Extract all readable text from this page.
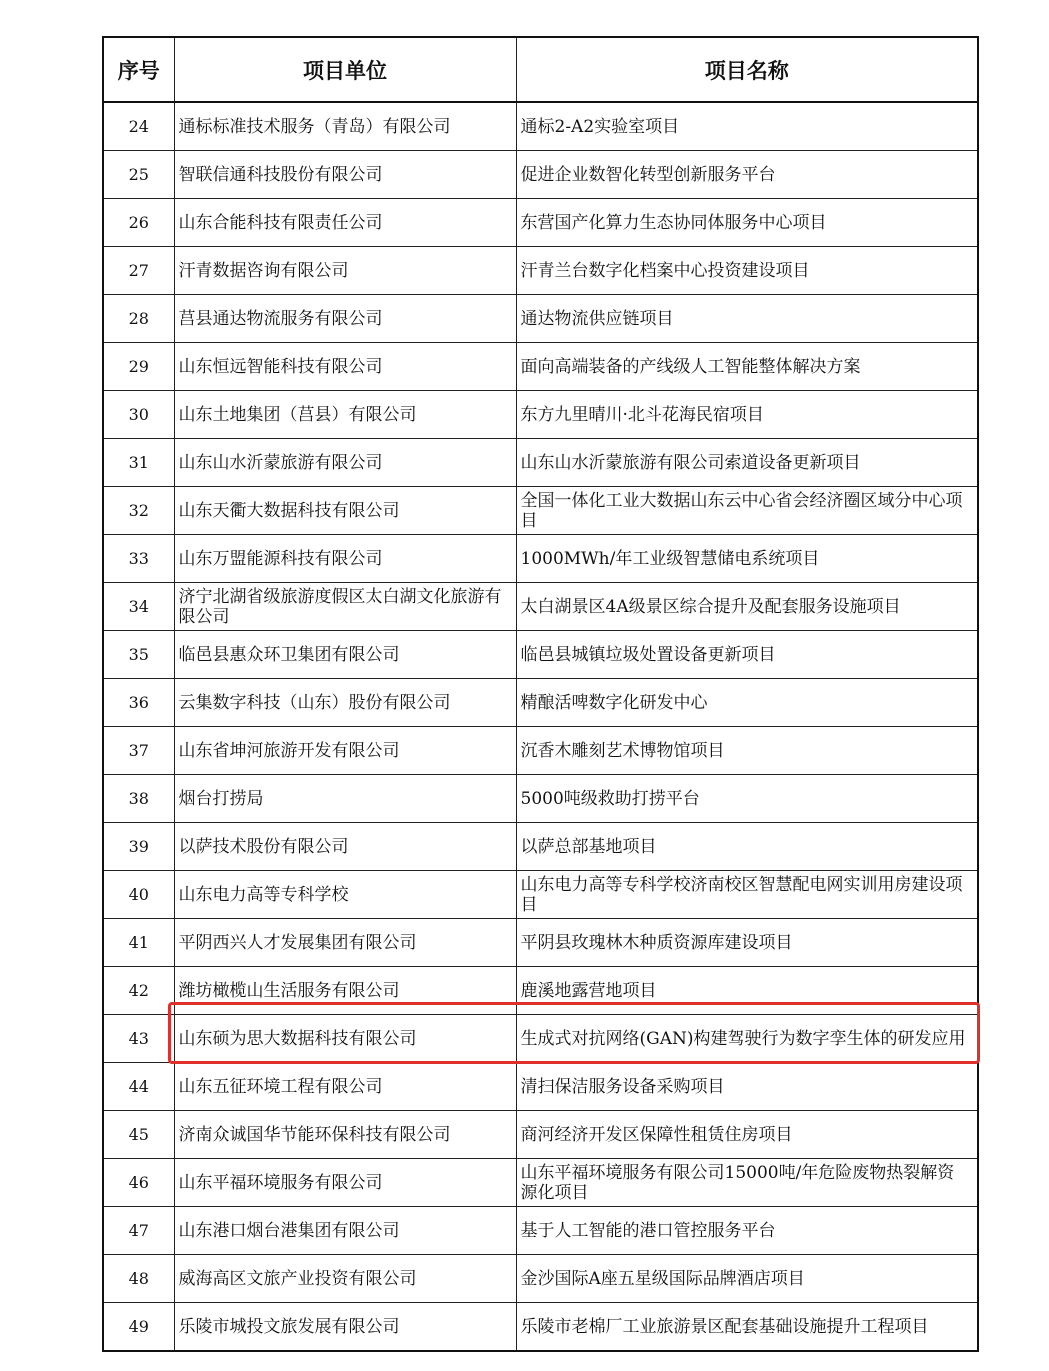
序号	项目单位	项目名称
24	通标标准技术服务（青岛）有限公司	通标2-A2实验室项目
25	智联信通科技股份有限公司	促进企业数智化转型创新服务平台
26	山东合能科技有限责任公司	东营国产化算力生态协同体服务中心项目
27	汗青数据咨询有限公司	汗青兰台数字化档案中心投资建设项目
28	莒县通达物流服务有限公司	通达物流供应链项目
29	山东恒远智能科技有限公司	面向高端装备的产线级人工智能整体解决方案
30	山东土地集团（莒县）有限公司	东方九里晴川·北斗花海民宿项目
31	山东山水沂蒙旅游有限公司	山东山水沂蒙旅游有限公司索道设备更新项目
32	山东天衢大数据科技有限公司	全国一体化工业大数据山东云中心省会经济圈区域分中心项目
33	山东万盟能源科技有限公司	1000MWh/年工业级智慧储电系统项目
34	济宁北湖省级旅游度假区太白湖文化旅游有限公司	太白湖景区4A级景区综合提升及配套服务设施项目
35	临邑县惠众环卫集团有限公司	临邑县城镇垃圾处置设备更新项目
36	云集数字科技（山东）股份有限公司	精酿活啤数字化研发中心
37	山东省坤河旅游开发有限公司	沉香木雕刻艺术博物馆项目
38	烟台打捞局	5000吨级救助打捞平台
39	以萨技术股份有限公司	以萨总部基地项目
40	山东电力高等专科学校	山东电力高等专科学校济南校区智慧配电网实训用房建设项目
41	平阴西兴人才发展集团有限公司	平阴县玫瑰林木种质资源库建设项目
42	潍坊橄榄山生活服务有限公司	鹿溪地露营地项目
43	山东硕为思大数据科技有限公司	生成式对抗网络(GAN)构建驾驶行为数字孪生体的研发应用
44	山东五征环境工程有限公司	清扫保洁服务设备采购项目
45	济南众诚国华节能环保科技有限公司	商河经济开发区保障性租赁住房项目
46	山东平福环境服务有限公司	山东平福环境服务有限公司15000吨/年危险废物热裂解资源化项目
47	山东港口烟台港集团有限公司	基于人工智能的港口管控服务平台
48	威海高区文旅产业投资有限公司	金沙国际A座五星级国际品牌酒店项目
49	乐陵市城投文旅发展有限公司	乐陵市老棉厂工业旅游景区配套基础设施提升工程项目
